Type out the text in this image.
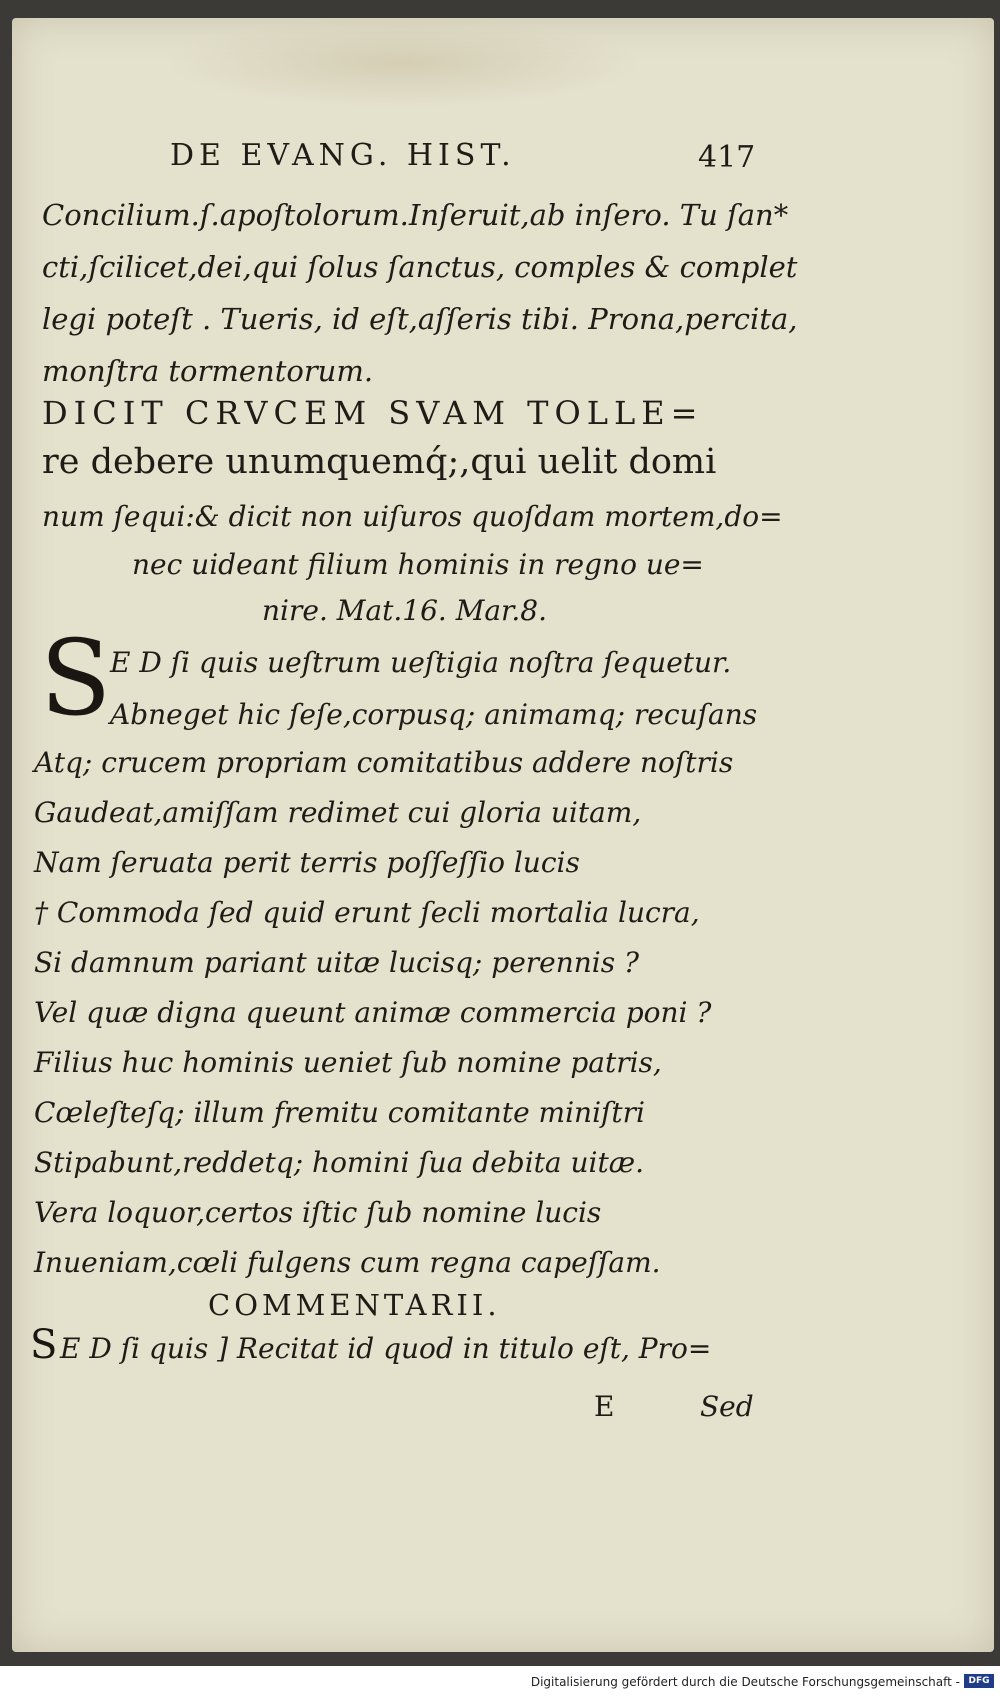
DE EVANG. HIST.	417
Concilium.ſ.apoſtolorum.Inſeruit,ab inſero. Tu ſan*
cti,ſcilicet,dei,qui ſolus ſanctus, comples & complet
legi poteſt . Tueris, id eſt,aſſeris tibi. Prona,percita,
monſtra tormentorum.
DICIT CRVCEM SVAM TOLLE=
re debere unumquemq́;,qui uelit domi
num ſequi:& dicit non uiſuros quoſdam mortem,do=
nec uideant filium hominis in regno ue=
nire. Mat.16. Mar.8.
S
E D ſi quis ueſtrum ueſtigia noſtra ſequetur.
Abneget hic ſeſe,corpusq; animamq; recuſans
Atq; crucem propriam comitatibus addere noſtris
Gaudeat,amiſſam redimet cui gloria uitam,
Nam ſeruata perit terris poſſeſſio lucis
† Commoda ſed quid erunt ſecli mortalia lucra,
Si damnum pariant uitæ lucisq; perennis ?
Vel quæ digna queunt animæ commercia poni ?
Filius huc hominis ueniet ſub nomine patris,
Cœleſteſq; illum fremitu comitante miniſtri
Stipabunt,reddetq; homini ſua debita uitæ.
Vera loquor,certos iſtic ſub nomine lucis
Inueniam,cœli fulgens cum regna capeſſam.
COMMENTARII.
S E D ſi quis ] Recitat id quod in titulo eſt, Pro=
E	Sed
Digitalisierung gefördert durch die Deutsche Forschungsgemeinschaft - DFG
